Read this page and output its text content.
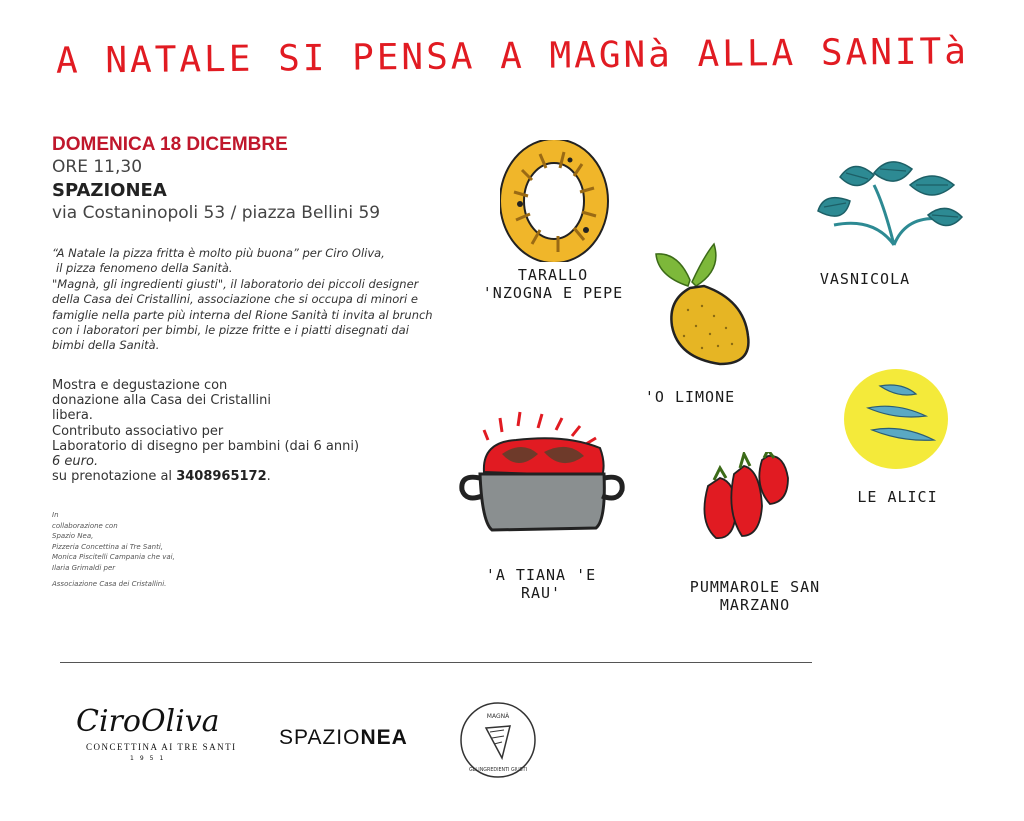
A NATALE SI PENSA A MAGNà ALLA SANITà
DOMENICA 18 DICEMBRE
ORE 11,30
SPAZIONEA
via Costaninopoli 53 / piazza Bellini 59

“A Natale la pizza fritta è molto più buona” per Ciro Oliva,

il pizza fenomeno della Sanità.

"Magnà, gli ingredienti giusti", il laboratorio dei piccoli designer

della Casa dei Cristallini, associazione che si occupa di minori e

famiglie nella parte più interna del Rione Sanità ti invita al brunch

con i laboratori per bimbi, le pizze fritte e i piatti disegnati dai

bimbi della Sanità.

Mostra e degustazione con

donazione alla Casa dei Cristallini

libera.

Contributo associativo per

Laboratorio di disegno per bambini (dai 6 anni)

6 euro.

su prenotazione al 3408965172.

In

collaborazione con

Spazio Nea,

Pizzeria Concettina ai Tre Santi,

Monica Piscitelli Campania che vai,

Ilaria Grimaldi per

Associazione Casa dei Cristallini.

TARALLO
'NZOGNA E PEPE
VASNICOLA
'O LIMONE
LE ALICI
'A TIANA 'E
RAU'	PUMMAROLE SAN
MARZANO
CiroOliva
CONCETTINA AI TRE SANTI
1951
SPAZIONEA
MAGNÀ
GLI INGREDIENTI GIUSTI
